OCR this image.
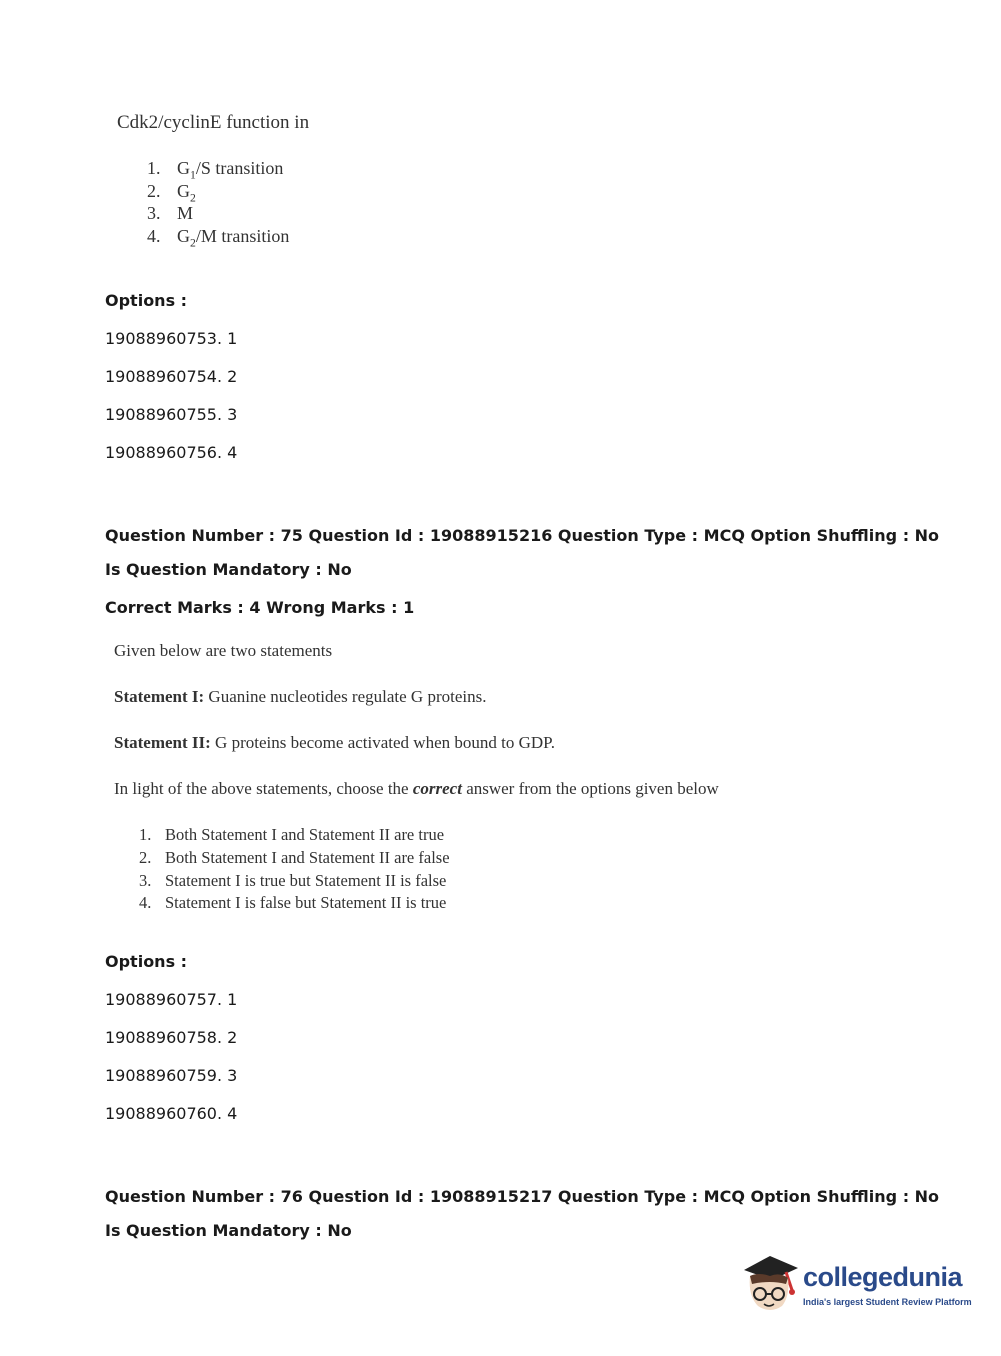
Cdk2/cyclinE function in
1. $G_1/S$ transition
2. $G_2$
3. M
4. $G_2/M$ transition
Options :
19088960753. 1
19088960754. 2
19088960755. 3
19088960756. 4
Question Number : 75 Question Id : 19088915216 Question Type : MCQ Option Shuffling : No
Is Question Mandatory : No
Correct Marks : 4 Wrong Marks : 1
Given below are two statements
Statement I: Guanine nucleotides regulate G proteins.
Statement II: G proteins become activated when bound to GDP.
In light of the above statements, choose the correct answer from the options given below
1. Both Statement I and Statement II are true
2. Both Statement I and Statement II are false
3. Statement I is true but Statement II is false
4. Statement I is false but Statement II is true
Options :
19088960757. 1
19088960758. 2
19088960759. 3
19088960760. 4
Question Number : 76 Question Id : 19088915217 Question Type : MCQ Option Shuffling : No
Is Question Mandatory : No
collegedunia
India's largest Student Review Platform
